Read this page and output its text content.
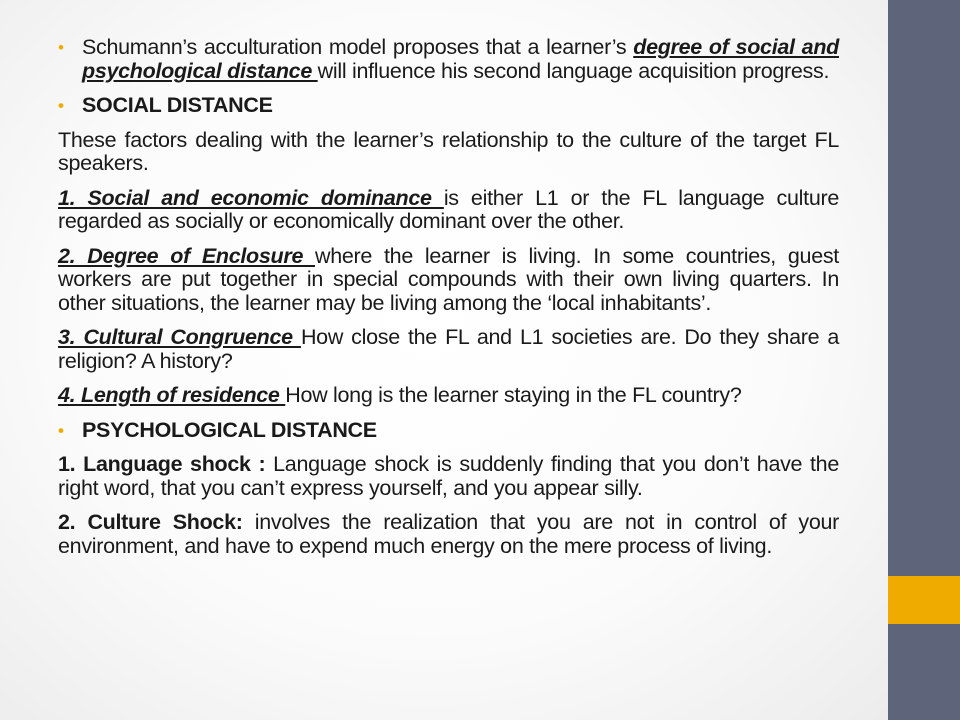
• Schumann’s acculturation model proposes that a learner’s degree of social and psychological distance will influence his second language acquisition progress.
• SOCIAL DISTANCE
These factors dealing with the learner’s relationship to the culture of the target FL speakers.
1. Social and economic dominance is either L1 or the FL language culture regarded as socially or economically dominant over the other.
2. Degree of Enclosure where the learner is living. In some countries, guest workers are put together in special compounds with their own living quarters. In other situations, the learner may be living among the ‘local inhabitants’.
3. Cultural Congruence How close the FL and L1 societies are. Do they share a religion? A history?
4. Length of residence How long is the learner staying in the FL country?
• PSYCHOLOGICAL DISTANCE
1. Language shock : Language shock is suddenly finding that you don’t have the right word, that you can’t express yourself, and you appear silly.
2. Culture Shock: involves the realization that you are not in control of your environment, and have to expend much energy on the mere process of living.
